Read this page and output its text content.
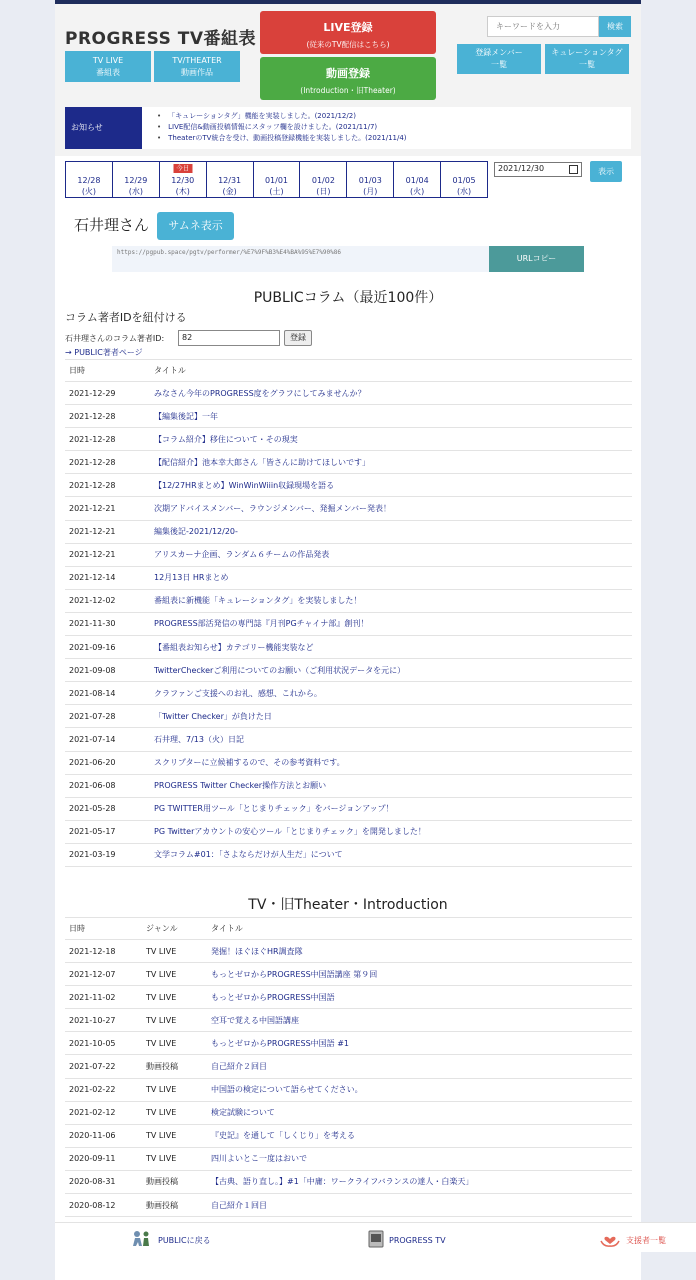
PROGRESS TV番組表
TV LIVE
番組表
TV/THEATER
動画作品
LIVE登録
(従来のTV配信はこちら)
動画登録
(Introduction・旧Theater)
キーワードを入力
検索
登録メンバー
一覧
キュレーションタグ
一覧
お知らせ
• 「キュレーションタグ」機能を実装しました。(2021/12/2)
• LIVE配信&動画投稿情報にスタッフ欄を設けました。(2021/11/7)
• TheaterのTV統合を受け、動画投稿登録機能を実装しました。(2021/11/4)
12/28
(火)
12/29
(水)
今日
12/30
(木)
12/31
(金)
01/01
(土)
01/02
(日)
01/03
(月)
01/04
(火)
01/05
(水)
2021/12/30	表示
石井理さん	サムネ表示
https://pgpub.space/pgtv/performer/%E7%9F%B3%E4%BA%95%E7%90%86
URLコピー
PUBLICコラム（最近100件）
コラム著者IDを紐付ける
石井理さんのコラム著者ID:	82	登録
→ PUBLIC著者ページ
日時	タイトル
2021-12-29	みなさん今年のPROGRESS度をグラフにしてみませんか？
2021-12-28	【編集後記】一年
2021-12-28	【コラム紹介】移住について・その現実
2021-12-28	【配信紹介】池本幸大郎さん「皆さんに助けてほしいです」
2021-12-28	【12/27HRまとめ】WinWinWiiin収録現場を語る
2021-12-21	次期アドバイスメンバー、ラウンジメンバー、発掘メンバー発表！
2021-12-21	編集後記-2021/12/20-
2021-12-21	アリスカーナ企画、ランダム６チームの作品発表
2021-12-14	12月13日 HRまとめ
2021-12-02	番組表に新機能「キュレーションタグ」を実装しました！
2021-11-30	PROGRESS部活発信の専門誌『月刊PGチャイナ部』創刊！
2021-09-16	【番組表お知らせ】カテゴリー機能実装など
2021-09-08	TwitterCheckerご利用についてのお願い（ご利用状況データを元に）
2021-08-14	クラファンご支援へのお礼、感想、これから。
2021-07-28	「Twitter Checker」が負けた日
2021-07-14	石井理、7/13（火）日記
2021-06-20	スクリプターに立候補するので、その参考資料です。
2021-06-08	PROGRESS Twitter Checker操作方法とお願い
2021-05-28	PG TWITTER用ツール「とじまりチェック」をバージョンアップ！
2021-05-17	PG Twitterアカウントの安心ツール「とじまりチェック」を開発しました！
2021-03-19	文学コラム#01：「さよならだけが人生だ」について
TV・旧Theater・Introduction
日時	ジャンル	タイトル
2021-12-18	TV LIVE	発掘！ほぐほぐHR調査隊
2021-12-07	TV LIVE	もっとゼロからPROGRESS中国語講座 第９回
2021-11-02	TV LIVE	もっとゼロからPROGRESS中国語
2021-10-27	TV LIVE	空耳で覚える中国語講座
2021-10-05	TV LIVE	もっとゼロからPROGRESS中国語 #1
2021-07-22	動画投稿	自己紹介２回目
2021-02-22	TV LIVE	中国語の検定について語らせてください。
2021-02-12	TV LIVE	検定試験について
2020-11-06	TV LIVE	『史記』を通して「しくじり」を考える
2020-09-11	TV LIVE	四川よいとこ一度はおいで
2020-08-31	動画投稿	【古典、語り直し。】#1「中庸：ワークライフバランスの達人・白楽天」
2020-08-12	動画投稿	自己紹介１回目
PUBLICに戻る	PROGRESS TV	支援者一覧
